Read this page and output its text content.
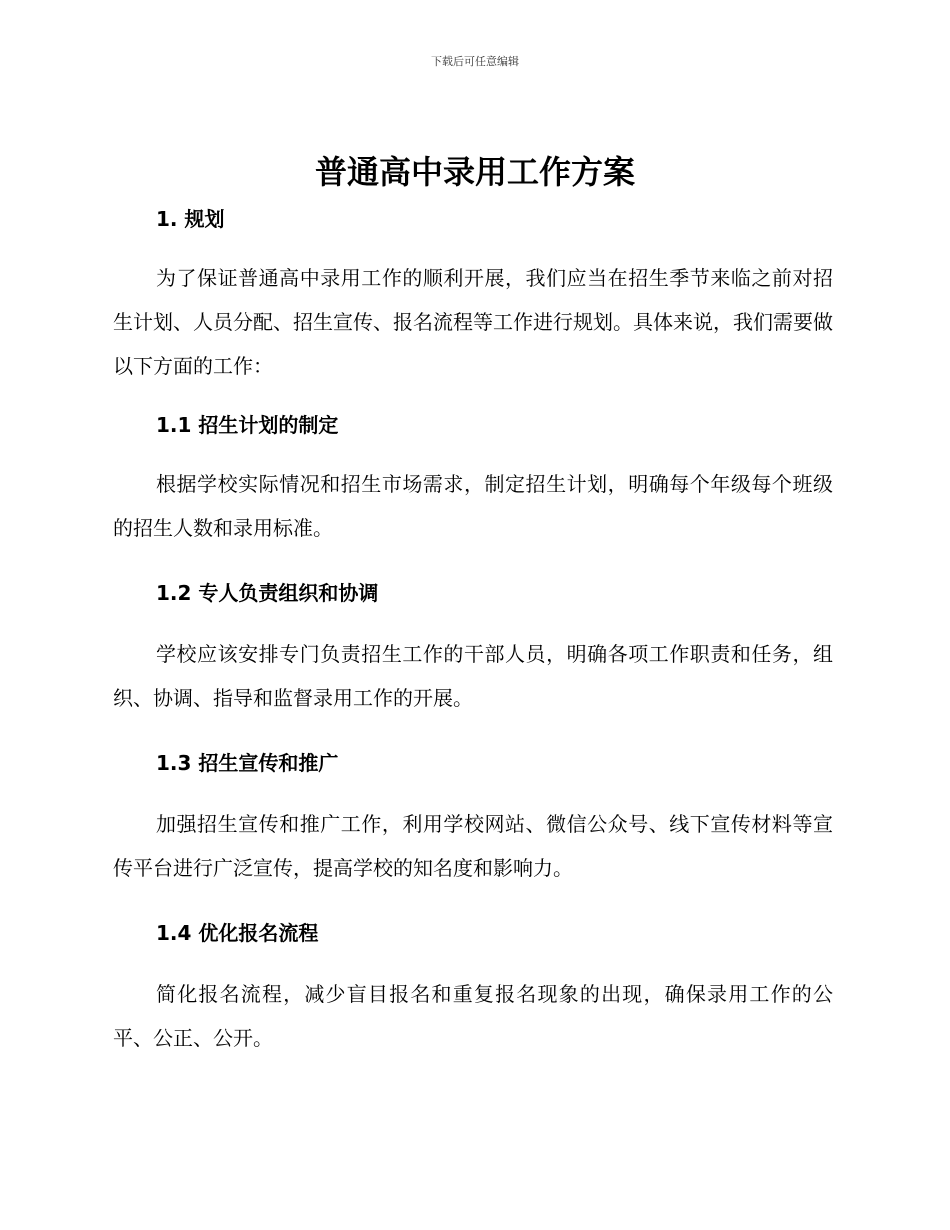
下载后可任意编辑
普通高中录用工作方案

1. 规划

为了保证普通高中录用工作的顺利开展，我们应当在招生季节来临之前对招生计划、人员分配、招生宣传、报名流程等工作进行规划。具体来说，我们需要做以下方面的工作：

1.1 招生计划的制定

根据学校实际情况和招生市场需求，制定招生计划，明确每个年级每个班级的招生人数和录用标准。

1.2 专人负责组织和协调

学校应该安排专门负责招生工作的干部人员，明确各项工作职责和任务，组织、协调、指导和监督录用工作的开展。

1.3 招生宣传和推广

加强招生宣传和推广工作，利用学校网站、微信公众号、线下宣传材料等宣传平台进行广泛宣传，提高学校的知名度和影响力。

1.4 优化报名流程

简化报名流程，减少盲目报名和重复报名现象的出现，确保录用工作的公平、公正、公开。
